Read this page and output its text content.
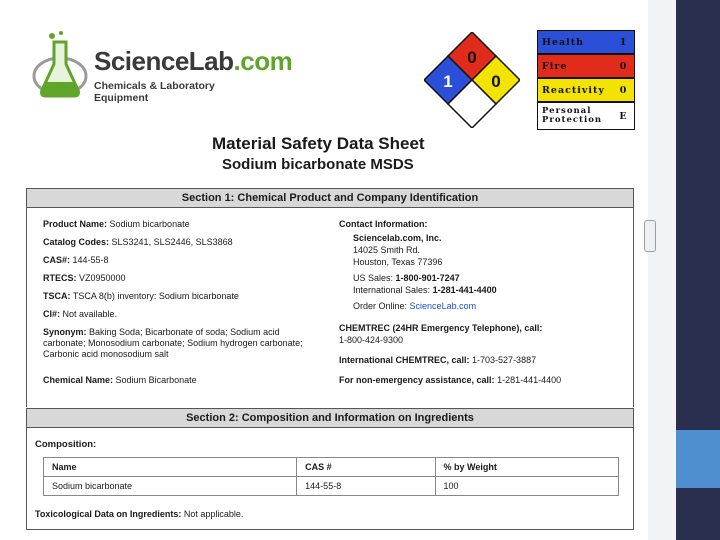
ScienceLab.com
Chemicals & Laboratory Equipment
0
1 0
Health	1
Fire	0
Reactivity	0
Personal Protection	E
Material Safety Data Sheet
Sodium bicarbonate MSDS
Section 1: Chemical Product and Company Identification
Product Name: Sodium bicarbonate
Catalog Codes: SLS3241, SLS2446, SLS3868
CAS#: 144-55-8
RTECS: VZ0950000
TSCA: TSCA 8(b) inventory: Sodium bicarbonate
CI#: Not available.
Synonym: Baking Soda; Bicarbonate of soda; Sodium acid carbonate; Monosodium carbonate; Sodium hydrogen carbonate; Carbonic acid monosodium salt
Chemical Name: Sodium Bicarbonate
Contact Information:
Sciencelab.com, Inc.
14025 Smith Rd.
Houston, Texas 77396
US Sales: 1-800-901-7247
International Sales: 1-281-441-4400
Order Online: ScienceLab.com
CHEMTREC (24HR Emergency Telephone), call:
1-800-424-9300
International CHEMTREC, call: 1-703-527-3887
For non-emergency assistance, call: 1-281-441-4400
Section 2: Composition and Information on Ingredients
Composition:
Name	CAS #	% by Weight
Sodium bicarbonate	144-55-8	100
Toxicological Data on Ingredients: Not applicable.
